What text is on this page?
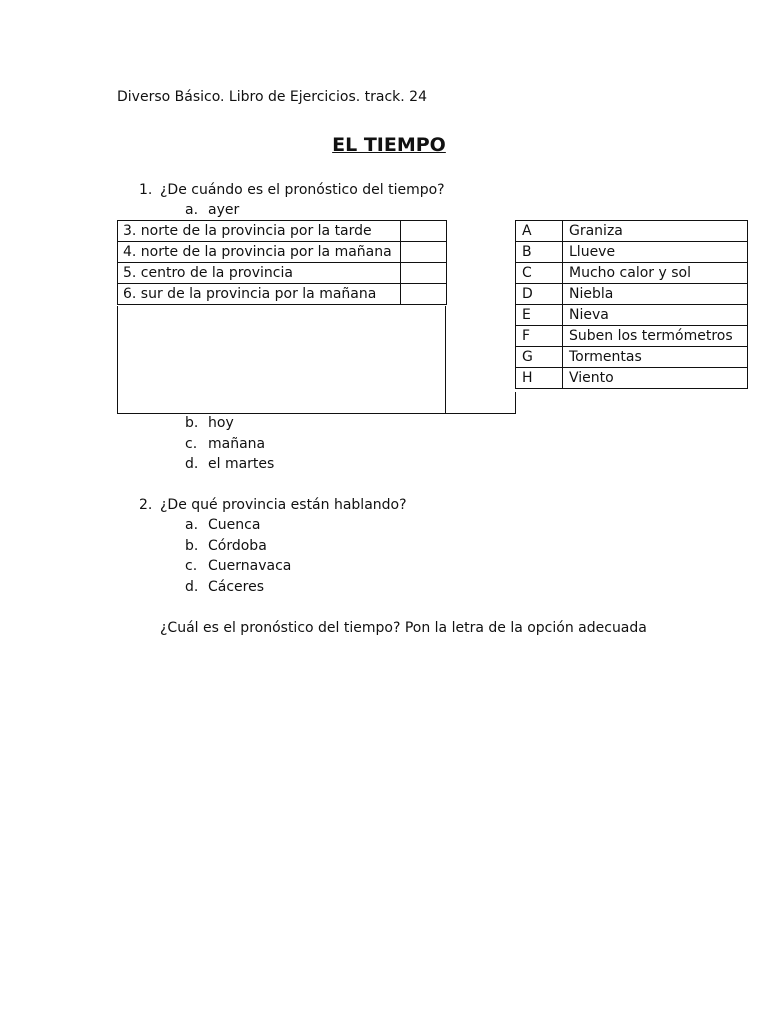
Diverso Básico. Libro de Ejercicios. track. 24
EL TIEMPO
1. ¿De cuándo es el pronóstico del tiempo?
a. ayer
3. norte de la provincia por la tarde	
4. norte de la provincia por la mañana	
5. centro de la provincia	
6. sur de la provincia por la mañana	
A	Graniza
B	Llueve
C	Mucho calor y sol
D	Niebla
E	Nieva
F	Suben los termómetros
G	Tormentas
H	Viento
b. hoy
c. mañana
d. el martes
2. ¿De qué provincia están hablando?
a. Cuenca
b. Córdoba
c. Cuernavaca
d. Cáceres
¿Cuál es el pronóstico del tiempo? Pon la letra de la opción adecuada
